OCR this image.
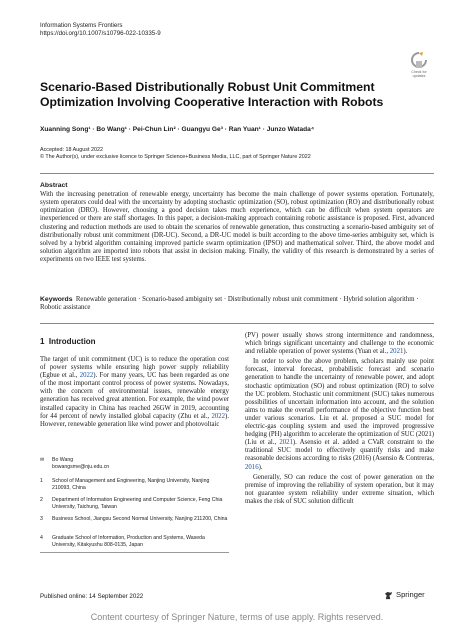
Information Systems Frontiers
https://doi.org/10.1007/s10796-022-10335-9
Check for
updates
Scenario-Based Distributionally Robust Unit Commitment
Optimization Involving Cooperative Interaction with Robots
Xuanning Song¹ · Bo Wang¹ · Pei-Chun Lin² · Guangyu Ge³ · Ran Yuan¹ · Junzo Watada⁴
Accepted: 18 August 2022
© The Author(s), under exclusive licence to Springer Science+Business Media, LLC, part of Springer Nature 2022
Abstract
With the increasing penetration of renewable energy, uncertainty has become the main challenge of power systems operation. Fortunately, system operators could deal with the uncertainty by adopting stochastic optimization (SO), robust optimization (RO) and distributionally robust optimization (DRO). However, choosing a good decision takes much experience, which can be difficult when system operators are inexperienced or there are staff shortages. In this paper, a decision-making approach containing robotic assistance is proposed. First, advanced clustering and reduction methods are used to obtain the scenarios of renewable generation, thus constructing a scenario-based ambiguity set of distributionally robust unit commitment (DR-UC). Second, a DR-UC model is built according to the above time-series ambiguity set, which is solved by a hybrid algorithm containing improved particle swarm optimization (IPSO) and mathematical solver. Third, the above model and solution algorithm are imported into robots that assist in decision making. Finally, the validity of this research is demonstrated by a series of experiments on two IEEE test systems.
Keywords Renewable generation · Scenario-based ambiguity set · Distributionally robust unit commitment · Hybrid solution algorithm · Robotic assistance
1 Introduction

The target of unit commitment (UC) is to reduce the operation cost of power systems while ensuring high power supply reliability (Egbue et al., 2022). For many years, UC has been regarded as one of the most important control process of power systems. Nowadays, with the concern of environmental issues, renewable energy generation has received great attention. For example, the wind power installed capacity in China has reached 26GW in 2019, accounting for 44 percent of newly installed global capacity (Zhu et al., 2022). However, renewable generation like wind power and photovoltaic

(PV) power usually shows strong intermittence and randomness, which brings significant uncertainty and challenge to the economic and reliable operation of power systems (Yuan et al., 2021).

In order to solve the above problem, scholars mainly use point forecast, interval forecast, probabilistic forecast and scenario generation to handle the uncertainty of renewable power, and adopt stochastic optimization (SO) and robust optimization (RO) to solve the UC problem. Stochastic unit commitment (SUC) takes numerous possibilities of uncertain information into account, and the solution aims to make the overall performance of the objective function best under various scenarios. Liu et al. proposed a SUC model for electric-gas coupling system and used the improved progressive hedging (PH) algorithm to accelerate the optimization of SUC (2021) (Liu et al., 2021). Asensio et al. added a CVaR constraint to the traditional SUC model to effectively quantify risks and make reasonable decisions according to risks (2016) (Asensio & Contreras, 2016).

Generally, SO can reduce the cost of power generation on the premise of improving the reliability of system operation, but it may not guarantee system reliability under extreme situation, which makes the risk of SUC solution difficult

✉	Bo Wang
bowangsme@nju.edu.cn
1	School of Management and Engineering, Nanjing University, Nanjing 210093, China
2	Department of Information Engineering and Computer Science, Feng Chia University, Taichung, Taiwan
3	Business School, Jiangsu Second Normal University, Nanjing 211200, China
4	Graduate School of Information, Production and Systems, Waseda University, Kitakyushu 808-0135, Japan
Published online: 14 September 2022	Springer
Content courtesy of Springer Nature, terms of use apply. Rights reserved.
